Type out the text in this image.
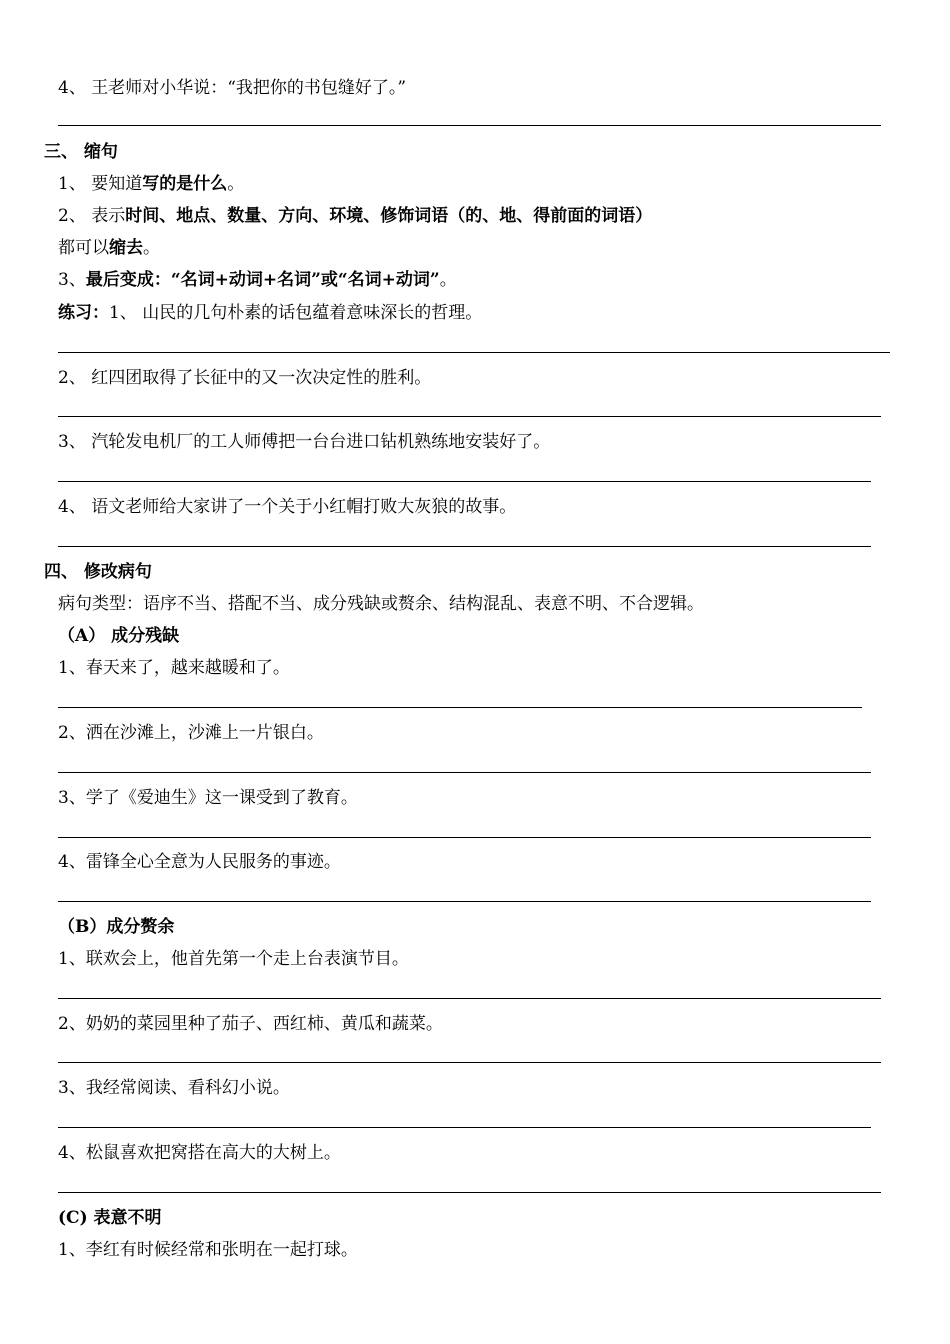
4、 王老师对小华说：“我把你的书包缝好了。”
三、 缩句
1、 要知道写的是什么。
2、 表示时间、地点、数量、方向、环境、修饰词语（的、地、得前面的词语）
都可以缩去。
3、最后变成：“名词+动词+名词”或“名词+动词”。
练习：1、 山民的几句朴素的话包蕴着意味深长的哲理。
2、 红四团取得了长征中的又一次决定性的胜利。
3、 汽轮发电机厂的工人师傅把一台台进口钻机熟练地安装好了。
4、 语文老师给大家讲了一个关于小红帽打败大灰狼的故事。
四、 修改病句
病句类型：语序不当、搭配不当、成分残缺或赘余、结构混乱、表意不明、不合逻辑。
（A） 成分残缺
1、春天来了，越来越暖和了。
2、洒在沙滩上，沙滩上一片银白。
3、学了《爱迪生》这一课受到了教育。
4、雷锋全心全意为人民服务的事迹。
（B）成分赘余
1、联欢会上，他首先第一个走上台表演节目。
2、奶奶的菜园里种了茄子、西红柿、黄瓜和蔬菜。
3、我经常阅读、看科幻小说。
4、松鼠喜欢把窝搭在高大的大树上。
(C) 表意不明
1、李红有时候经常和张明在一起打球。
